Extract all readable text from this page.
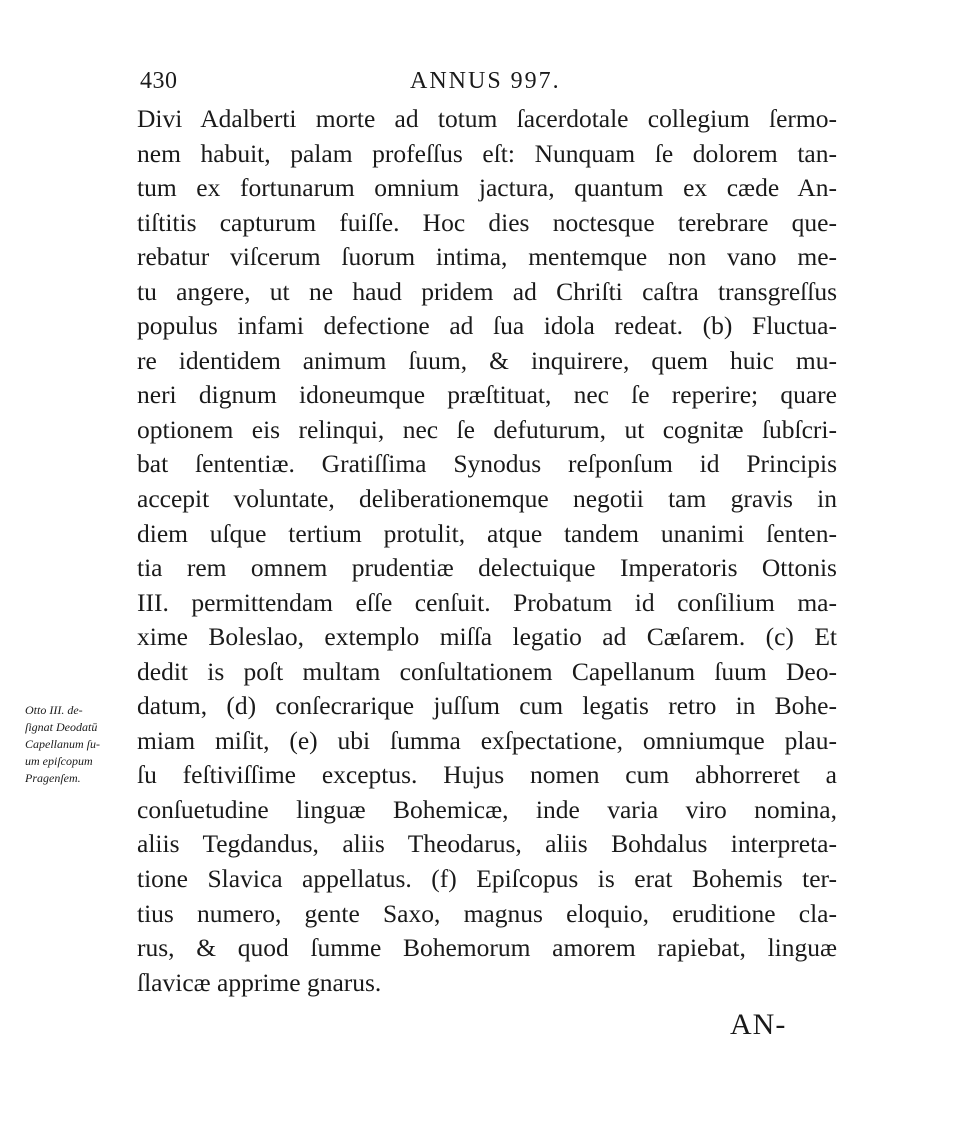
430	ANNUS 997.
Divi Adalberti morte ad totum ſacerdotale collegium ſermo-
nem habuit, palam profeſſus eſt: Nunquam ſe dolorem tan-
tum ex fortunarum omnium jactura, quantum ex cæde An-
tiſtitis capturum fuiſſe. Hoc dies noctesque terebrare que-
rebatur viſcerum ſuorum intima, mentemque non vano me-
tu angere, ut ne haud pridem ad Chriſti caſtra transgreſſus
populus infami defectione ad ſua idola redeat. (b) Fluctua-
re identidem animum ſuum, & inquirere, quem huic mu-
neri dignum idoneumque præſtituat, nec ſe reperire; quare
optionem eis relinqui, nec ſe defuturum, ut cognitæ ſubſcri-
bat ſententiæ. Gratiſſima Synodus reſponſum id Principis
accepit voluntate, deliberationemque negotii tam gravis in
diem uſque tertium protulit, atque tandem unanimi ſenten-
tia rem omnem prudentiæ delectuique Imperatoris Ottonis
III. permittendam eſſe cenſuit. Probatum id conſilium ma-
xime Boleslao, extemplo miſſa legatio ad Cæſarem. (c) Et
dedit is poſt multam conſultationem Capellanum ſuum Deo-
datum, (d) conſecrarique juſſum cum legatis retro in Bohe-
miam miſit, (e) ubi ſumma exſpectatione, omniumque plau-
ſu feſtiviſſime exceptus. Hujus nomen cum abhorreret a
conſuetudine linguæ Bohemicæ, inde varia viro nomina,
aliis Tegdandus, aliis Theodarus, aliis Bohdalus interpreta-
tione Slavica appellatus. (f) Epiſcopus is erat Bohemis ter-
tius numero, gente Saxo, magnus eloquio, eruditione cla-
rus, & quod ſumme Bohemorum amorem rapiebat, linguæ
ſlavicæ apprime gnarus.
Otto III. de-
ſignat Deodatū
Capellanum ſu-
um epiſcopum
Pragenſem.
AN-
